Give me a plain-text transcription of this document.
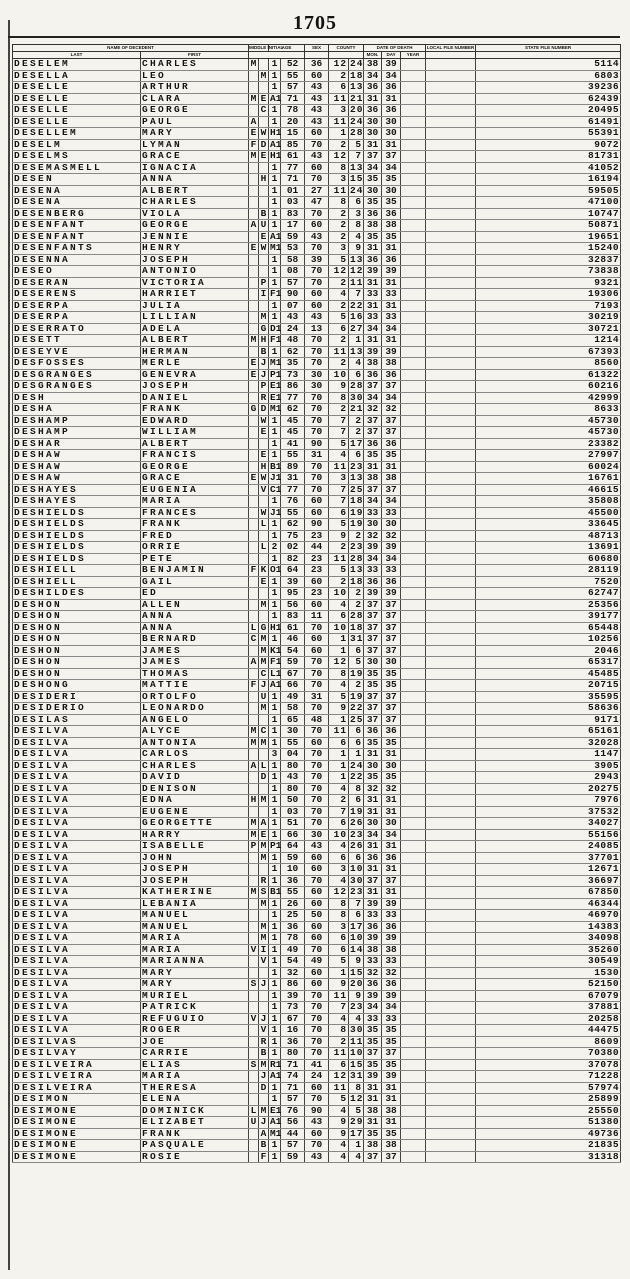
1705
NAME OF DECEDENT		MIDDLE INITIAL		AGE		SEX	COUNTY		DATE OF DEATH			LOCAL FILE NUMBER	STATE FILE NUMBER
LAST	FIRST								MON.	DAY	YEAR		
DESELEM	CHARLES	M		1	52	36	12	24	38	39			5114
DESELLA	LEO		M	1	55	60	2	18	34	34			6803
DESELLE	ARTHUR			1	57	43	6	13	36	36			39236
DESELLE	CLARA	M	E	A1	71	43	11	21	31	31			62439
DESELLE	GEORGE		C	1	78	43	3	20	36	36			20495
DESELLE	PAUL	A		1	20	43	11	24	30	30			61491
DESELLEM	MARY	E	W	H1	15	60	1	28	30	30			55391
DESELM	LYMAN	F	D	A1	85	70	2	5	31	31			9072
DESELMS	GRACE	M	E	H1	61	43	12	7	37	37			81731
DESEMASMELL	IGNACIA			1	77	60	8	13	34	34			41052
DESEN	ANNA		H	1	71	70	3	15	35	35			16194
DESENA	ALBERT			1	01	27	11	24	30	30			59505
DESENA	CHARLES			1	03	47	8	6	35	35			47100
DESENBERG	VIOLA		B	1	83	70	2	3	36	36			10747
DESENFANT	GEORGE	A	U	1	17	60	2	8	38	38			50871
DESENFANT	JENNIE		E	A1	59	43	2	4	35	35			19651
DESENFANTS	HENRY	E	W	M1	53	70	3	9	31	31			15240
DESENNA	JOSEPH			1	58	39	5	13	36	36			32837
DESEO	ANTONIO			1	08	70	12	12	39	39			73838
DESERAN	VICTORIA		P	1	57	70	2	11	31	31			9321
DESERENS	HARRIET		I	F1	90	60	4	7	33	33			19306
DESERPA	JULIA			1	07	60	2	22	31	31			7193
DESERPA	LILLIAN		M	1	43	43	5	16	33	33			30219
DESERRATO	ADELA		G	D1	24	13	6	27	34	34			30721
DESETT	ALBERT	M	H	F1	48	70	2	1	31	31			1214
DESEYVE	HERMAN		B	1	62	70	11	13	39	39			67393
DESFOSSES	MERLE	E	J	M1	35	70	2	4	38	38			8560
DESGRANGES	GENEVRA	E	J	P1	73	30	10	6	36	36			61322
DESGRANGES	JOSEPH		P	E1	86	30	9	28	37	37			60216
DESH	DANIEL		R	E1	77	70	8	30	34	34			42999
DESHA	FRANK	G	D	M1	62	70	2	21	32	32			8633
DESHAMP	EDWARD		W	1	45	70	7	2	37	37			45730
DESHAMP	WILLIAM		E	1	45	70	7	2	37	37			45730
DESHAR	ALBERT			1	41	90	5	17	36	36			23382
DESHAW	FRANCIS		E	1	55	31	4	6	35	35			27997
DESHAW	GEORGE		H	B1	89	70	11	23	31	31			60024
DESHAW	GRACE	E	W	J1	31	70	3	13	38	38			16761
DESHAYES	EUGENIA		V	C1	77	70	7	25	37	37			46615
DESHAYES	MARIA			1	76	60	7	18	34	34			35808
DESHIELDS	FRANCES		W	J1	55	60	6	19	33	33			45500
DESHIELDS	FRANK		L	1	62	90	5	19	30	30			33645
DESHIELDS	FRED			1	75	23	9	2	32	32			48713
DESHIELDS	ORRIE		L	2	02	44	2	23	39	39			13691
DESHIELDS	PETE			1	82	23	11	28	34	34			60680
DESHIELL	BENJAMIN	F	K	O1	64	23	5	13	33	33			28119
DESHIELL	GAIL		E	1	39	60	2	18	36	36			7520
DESHILDES	ED			1	95	23	10	2	39	39			62747
DESHON	ALLEN		M	1	56	60	4	2	37	37			25356
DESHON	ANNA			1	83	11	6	28	37	37			39177
DESHON	ANNA	L	G	H1	61	70	10	18	37	37			65448
DESHON	BERNARD	C	M	1	46	60	1	31	37	37			10256
DESHON	JAMES		M	K1	54	60	1	6	37	37			2046
DESHON	JAMES	A	M	F1	59	70	12	5	30	30			65317
DESHON	THOMAS		C	L1	67	70	8	19	35	35			45485
DESHONG	MATTIE	F	J	A1	66	70	4	2	35	35			20715
DESIDERI	ORTOLFO		U	1	49	31	5	19	37	37			35595
DESIDERIO	LEONARDO		M	1	58	70	9	22	37	37			58636
DESILAS	ANGELO			1	65	48	1	25	37	37			9171
DESILVA	ALYCE	M	C	1	30	70	11	6	36	36			65161
DESILVA	ANTONIA	M	M	1	55	60	6	6	35	35			32028
DESILVA	CARLOS			3	04	70	1	1	31	31			1147
DESILVA	CHARLES	A	L	1	80	70	1	24	30	30			3905
DESILVA	DAVID		D	1	43	70	1	22	35	35			2943
DESILVA	DENISON			1	80	70	4	8	32	32			20275
DESILVA	EDNA	H	M	1	50	70	2	6	31	31			7976
DESILVA	EUGENE			1	03	70	7	19	31	31			37532
DESILVA	GEORGETTE	M	A	1	51	70	6	26	30	30			34027
DESILVA	HARRY	M	E	1	66	30	10	23	34	34			55156
DESILVA	ISABELLE	P	M	P1	64	43	4	26	31	31			24085
DESILVA	JOHN		M	1	59	60	6	6	36	36			37701
DESILVA	JOSEPH			1	10	60	3	10	31	31			12671
DESILVA	JOSEPH		R	1	36	70	4	30	37	37			36697
DESILVA	KATHERINE	M	S	B1	55	60	12	23	31	31			67850
DESILVA	LEBANIA		M	1	26	60	8	7	39	39			46344
DESILVA	MANUEL			1	25	50	8	6	33	33			46970
DESILVA	MANUEL		M	1	36	60	3	17	36	36			14383
DESILVA	MARIA		M	1	78	60	6	10	39	39			34098
DESILVA	MARIA	V	I	1	49	70	6	14	38	38			35260
DESILVA	MARIANNA		V	1	54	49	5	9	33	33			30549
DESILVA	MARY			1	32	60	1	15	32	32			1530
DESILVA	MARY	S	J	1	86	60	9	20	36	36			52150
DESILVA	MURIEL			1	39	70	11	9	39	39			67079
DESILVA	PATRICK			1	73	70	7	23	34	34			37881
DESILVA	REFUGUIO	V	J	1	67	70	4	4	33	33			20258
DESILVA	ROGER		V	1	16	70	8	30	35	35			44475
DESILVAS	JOE		R	1	36	70	2	11	35	35			8609
DESILVAY	CARRIE		B	1	80	70	11	10	37	37			70380
DESILVEIRA	ELIAS	S	M	R1	71	41	6	15	35	35			37078
DESILVEIRA	MARIA		J	A1	74	24	12	31	39	39			71228
DESILVEIRA	THERESA		D	1	71	60	11	8	31	31			57974
DESIMON	ELENA			1	57	70	5	12	31	31			25899
DESIMONE	DOMINICK	L	M	E1	76	90	4	5	38	38			25550
DESIMONE	ELIZABET	U	J	A1	56	43	9	29	31	31			51380
DESIMONE	FRANK		A	M1	44	60	9	17	35	35			49736
DESIMONE	PASQUALE		B	1	57	70	4	1	38	38			21835
DESIMONE	ROSIE		F	1	59	43	4	4	37	37			31318
